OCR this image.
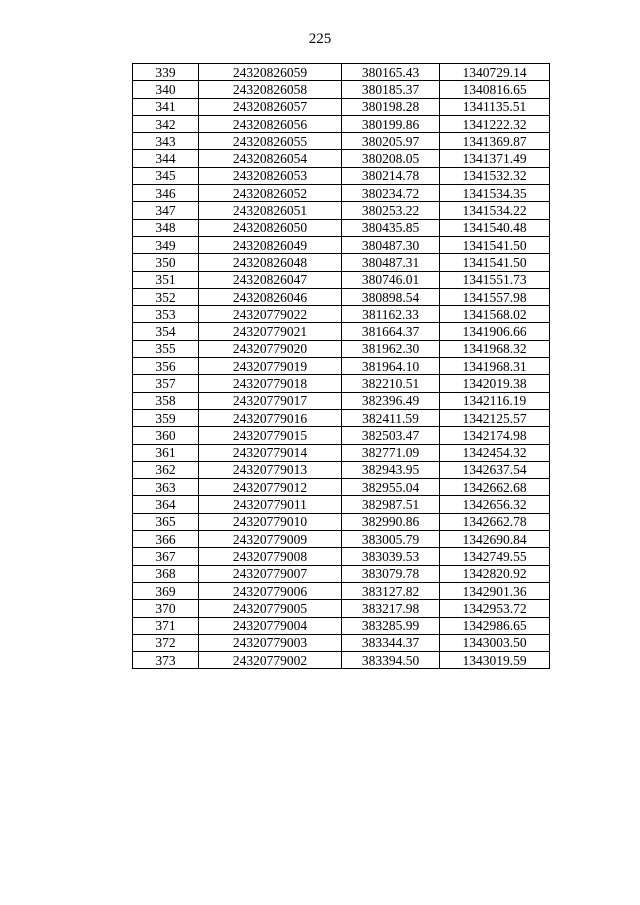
225
339	24320826059	380165.43	1340729.14
340	24320826058	380185.37	1340816.65
341	24320826057	380198.28	1341135.51
342	24320826056	380199.86	1341222.32
343	24320826055	380205.97	1341369.87
344	24320826054	380208.05	1341371.49
345	24320826053	380214.78	1341532.32
346	24320826052	380234.72	1341534.35
347	24320826051	380253.22	1341534.22
348	24320826050	380435.85	1341540.48
349	24320826049	380487.30	1341541.50
350	24320826048	380487.31	1341541.50
351	24320826047	380746.01	1341551.73
352	24320826046	380898.54	1341557.98
353	24320779022	381162.33	1341568.02
354	24320779021	381664.37	1341906.66
355	24320779020	381962.30	1341968.32
356	24320779019	381964.10	1341968.31
357	24320779018	382210.51	1342019.38
358	24320779017	382396.49	1342116.19
359	24320779016	382411.59	1342125.57
360	24320779015	382503.47	1342174.98
361	24320779014	382771.09	1342454.32
362	24320779013	382943.95	1342637.54
363	24320779012	382955.04	1342662.68
364	24320779011	382987.51	1342656.32
365	24320779010	382990.86	1342662.78
366	24320779009	383005.79	1342690.84
367	24320779008	383039.53	1342749.55
368	24320779007	383079.78	1342820.92
369	24320779006	383127.82	1342901.36
370	24320779005	383217.98	1342953.72
371	24320779004	383285.99	1342986.65
372	24320779003	383344.37	1343003.50
373	24320779002	383394.50	1343019.59
